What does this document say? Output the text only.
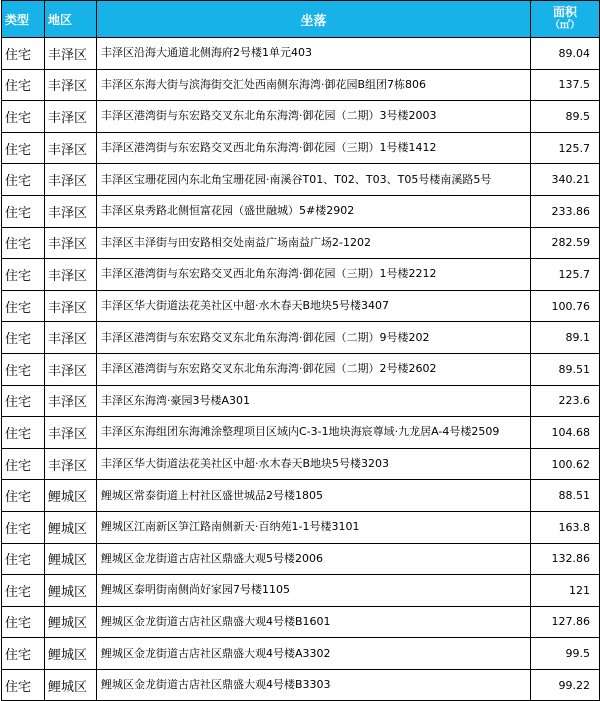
类型	地区	坐落	面积
（㎡）

住宅	丰泽区	丰泽区沿海大通道北侧海府2号楼1单元403	89.04
住宅	丰泽区	丰泽区东海大街与滨海街交汇处西南侧东海湾·御花园B组团7栋806	137.5
住宅	丰泽区	丰泽区港湾街与东宏路交叉东北角东海湾·御花园（二期）3号楼2003	89.5
住宅	丰泽区	丰泽区港湾街与东宏路交叉西北角东海湾·御花园（三期）1号楼1412	125.7
住宅	丰泽区	丰泽区宝珊花园内东北角宝珊花园·南溪谷T01、T02、T03、T05号楼南溪路5号	340.21
住宅	丰泽区	丰泽区泉秀路北侧恒富花园（盛世融城）5#楼2902	233.86
住宅	丰泽区	丰泽区丰泽街与田安路相交处南益广场南益广场2-1202	282.59
住宅	丰泽区	丰泽区港湾街与东宏路交叉西北角东海湾·御花园（三期）1号楼2212	125.7
住宅	丰泽区	丰泽区华大街道法花美社区中超·水木春天B地块5号楼3407	100.76
住宅	丰泽区	丰泽区港湾街与东宏路交叉东北角东海湾·御花园（二期）9号楼202	89.1
住宅	丰泽区	丰泽区港湾街与东宏路交叉东北角东海湾·御花园（二期）2号楼2602	89.51
住宅	丰泽区	丰泽区东海湾·豪园3号楼A301	223.6
住宅	丰泽区	丰泽区东海组团东海滩涂整理项目区域内C-3-1地块海宸尊域·九龙居A-4号楼2509	104.68
住宅	丰泽区	丰泽区华大街道法花美社区中超·水木春天B地块5号楼3203	100.62
住宅	鲤城区	鲤城区常泰街道上村社区盛世城品2号楼1805	88.51
住宅	鲤城区	鲤城区江南新区笋江路南侧新天·百纳苑1-1号楼3101	163.8
住宅	鲤城区	鲤城区金龙街道古店社区鼎盛大观5号楼2006	132.86
住宅	鲤城区	鲤城区泰明街南侧尚好家园7号楼1105	121
住宅	鲤城区	鲤城区金龙街道古店社区鼎盛大观4号楼B1601	127.86
住宅	鲤城区	鲤城区金龙街道古店社区鼎盛大观4号楼A3302	99.5
住宅	鲤城区	鲤城区金龙街道古店社区鼎盛大观4号楼B3303	99.22
